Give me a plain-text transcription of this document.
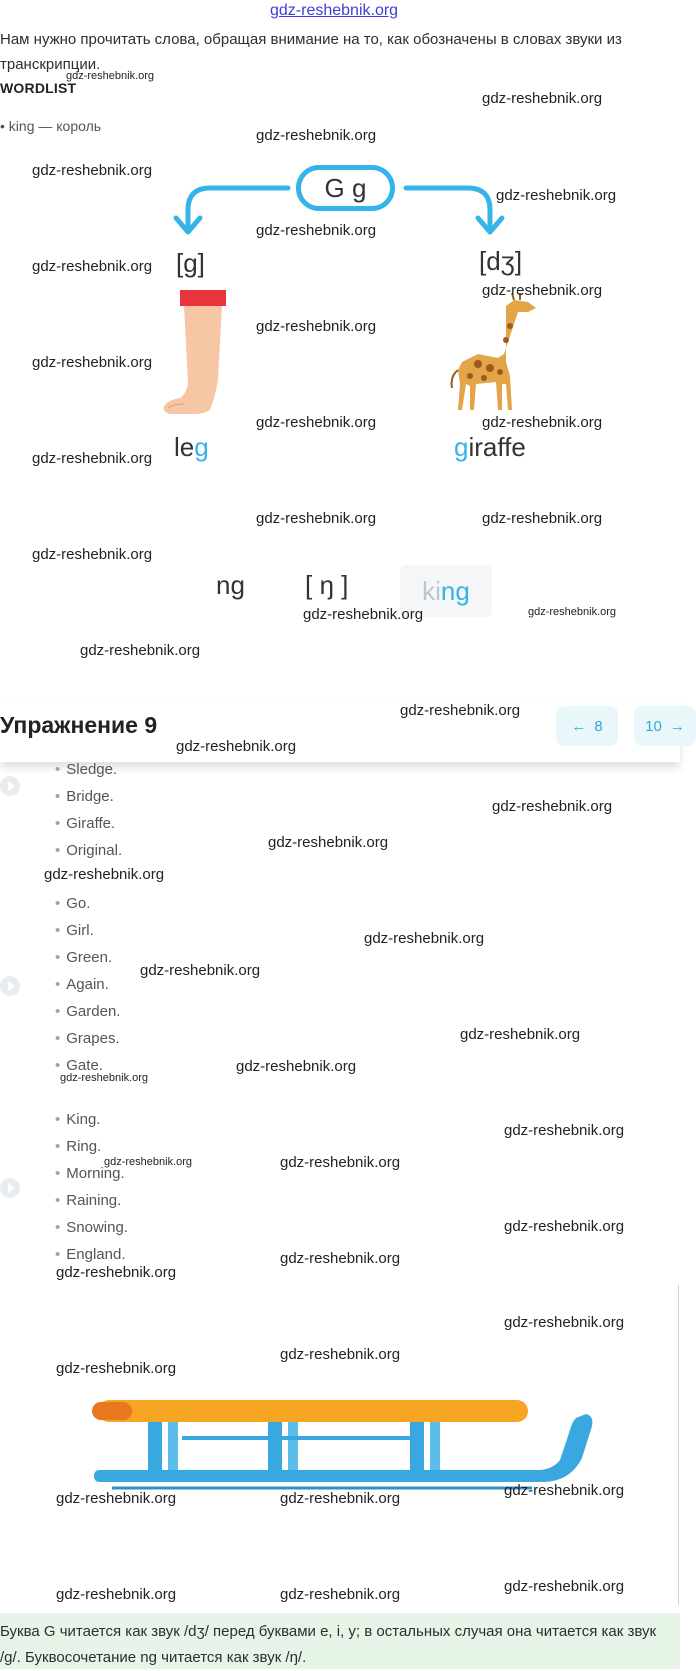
gdz-reshebnik.org
Нам нужно прочитать слова, обращая внимание на то, как обозначены в словах звуки из транскрипции.
WORDLIST
• king — король
G g
[g]	[dʒ]
leg	giraffe
ng [ ŋ ]	ki ng
Упражнение 9	← 8	10 →
• Sledge.
• Bridge.
• Giraffe.
• Original.
• Go.
• Girl.
• Green.
• Again.
• Garden.
• Grapes.
• Gate.
• King.
• Ring.
• Morning.
• Raining.
• Snowing.
• England.
Буква G читается как звук /dʒ/ перед буквами e, i, y; в остальных случая она читается как звук /g/. Буквосочетание ng читается как звук /ŋ/.
gdz-reshebnik.org
gdz-reshebnik.org
gdz-reshebnik.org
gdz-reshebnik.org
gdz-reshebnik.org
gdz-reshebnik.org
gdz-reshebnik.org
gdz-reshebnik.org
gdz-reshebnik.org
gdz-reshebnik.org
gdz-reshebnik.org	gdz-reshebnik.org
gdz-reshebnik.org
gdz-reshebnik.org	gdz-reshebnik.org
gdz-reshebnik.org
gdz-reshebnik.org	gdz-reshebnik.org
gdz-reshebnik.org
gdz-reshebnik.org
gdz-reshebnik.org
gdz-reshebnik.org
gdz-reshebnik.org
gdz-reshebnik.org
gdz-reshebnik.org
gdz-reshebnik.org
gdz-reshebnik.org
gdz-reshebnik.org
gdz-reshebnik.org
gdz-reshebnik.org
gdz-reshebnik.org	gdz-reshebnik.org
gdz-reshebnik.org
gdz-reshebnik.org
gdz-reshebnik.org
gdz-reshebnik.org
gdz-reshebnik.org
gdz-reshebnik.org
gdz-reshebnik.org
gdz-reshebnik.org
gdz-reshebnik.org
gdz-reshebnik.org
gdz-reshebnik.org
gdz-reshebnik.org
